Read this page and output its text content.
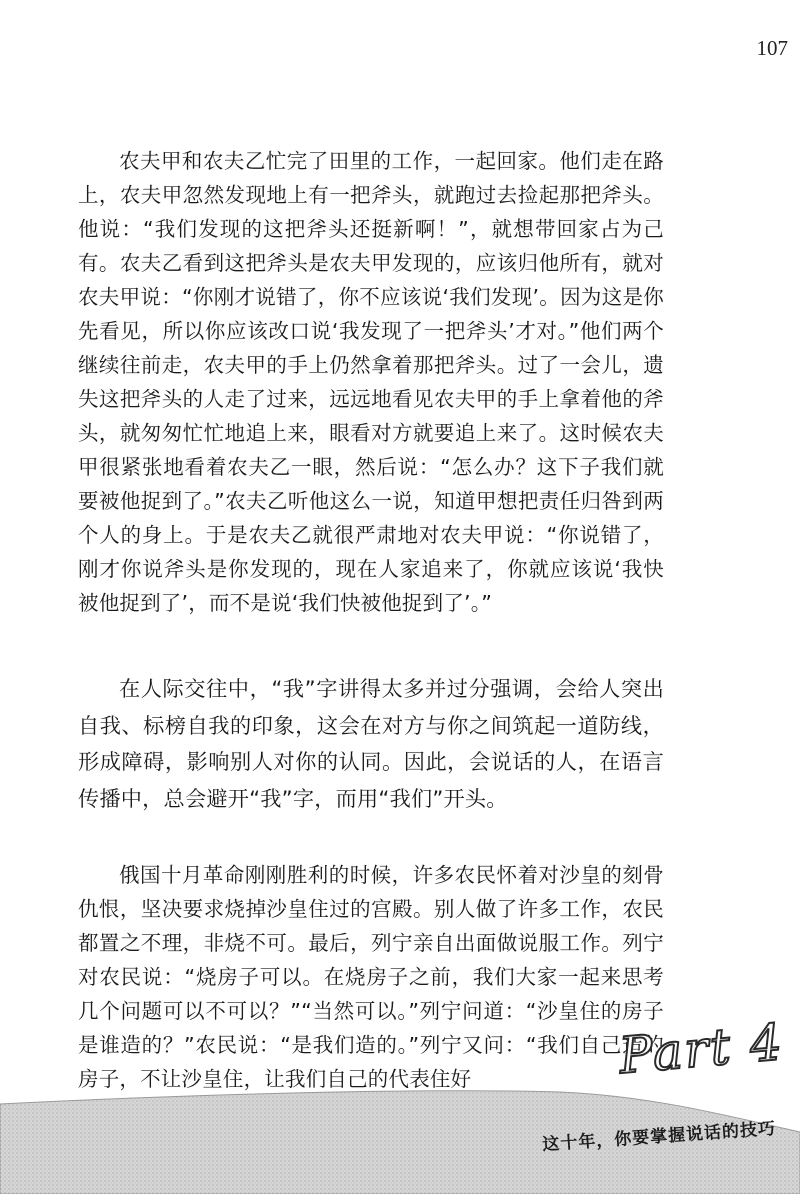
107

农夫甲和农夫乙忙完了田里的工作，一起回家。他们走在路上，农夫甲忽然发现地上有一把斧头，就跑过去捡起那把斧头。他说：“我们发现的这把斧头还挺新啊！”，就想带回家占为己有。农夫乙看到这把斧头是农夫甲发现的，应该归他所有，就对农夫甲说：“你刚才说错了，你不应该说‘我们发现’。因为这是你先看见，所以你应该改口说‘我发现了一把斧头’才对。”他们两个继续往前走，农夫甲的手上仍然拿着那把斧头。过了一会儿，遗失这把斧头的人走了过来，远远地看见农夫甲的手上拿着他的斧头，就匆匆忙忙地追上来，眼看对方就要追上来了。这时候农夫甲很紧张地看着农夫乙一眼，然后说：“怎么办？这下子我们就要被他捉到了。”农夫乙听他这么一说，知道甲想把责任归咎到两个人的身上。于是农夫乙就很严肃地对农夫甲说：“你说错了，刚才你说斧头是你发现的，现在人家追来了，你就应该说‘我快被他捉到了’，而不是说‘我们快被他捉到了’。”

在人际交往中，“我”字讲得太多并过分强调，会给人突出自我、标榜自我的印象，这会在对方与你之间筑起一道防线，形成障碍，影响别人对你的认同。因此，会说话的人，在语言传播中，总会避开“我”字，而用“我们”开头。

俄国十月革命刚刚胜利的时候，许多农民怀着对沙皇的刻骨仇恨，坚决要求烧掉沙皇住过的宫殿。别人做了许多工作，农民都置之不理，非烧不可。最后，列宁亲自出面做说服工作。列宁对农民说：“烧房子可以。在烧房子之前，我们大家一起来思考几个问题可以不可以？”“当然可以。”列宁问道：“沙皇住的房子是谁造的？”农民说：“是我们造的。”列宁又问：“我们自己造的房子，不让沙皇住，让我们自己的代表住好	Part 4
这十年，你要掌握说话的技巧
